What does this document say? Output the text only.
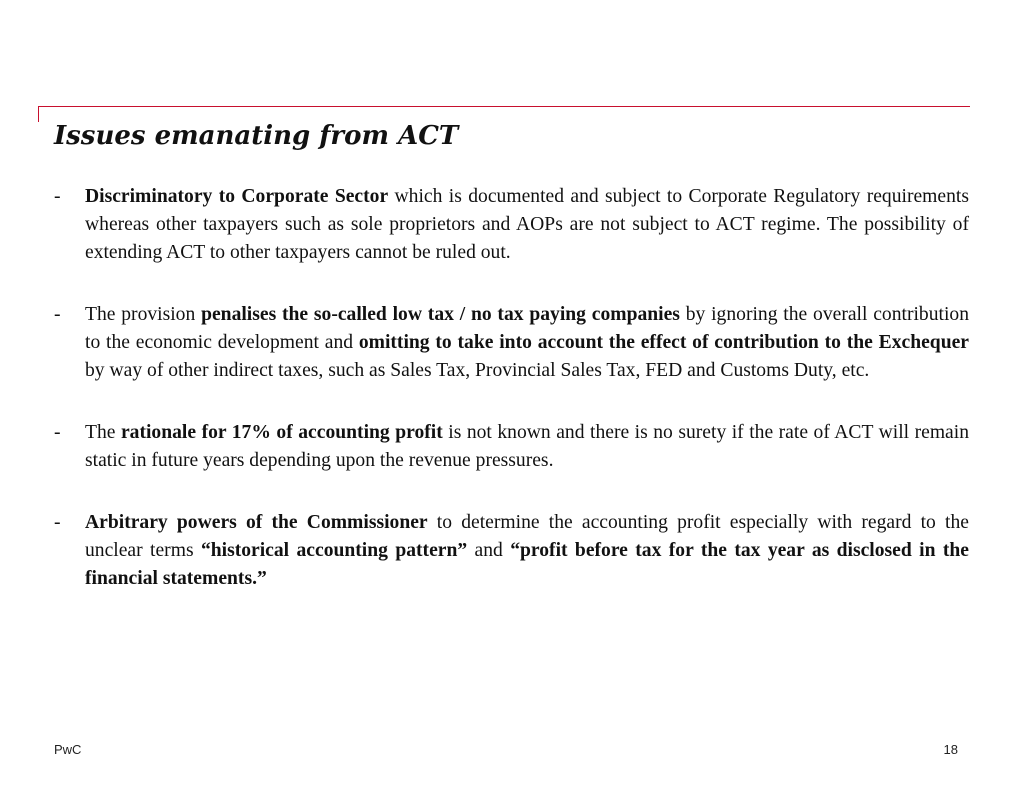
Issues emanating from ACT
- Discriminatory to Corporate Sector which is documented and subject to Corporate Regulatory requirements whereas other taxpayers such as sole proprietors and AOPs are not subject to ACT regime. The possibility of extending ACT to other taxpayers cannot be ruled out.
- The provision penalises the so-called low tax / no tax paying companies by ignoring the overall contribution to the economic development and omitting to take into account the effect of contribution to the Exchequer by way of other indirect taxes, such as Sales Tax, Provincial Sales Tax, FED and Customs Duty, etc.
- The rationale for 17% of accounting profit is not known and there is no surety if the rate of ACT will remain static in future years depending upon the revenue pressures.
- Arbitrary powers of the Commissioner to determine the accounting profit especially with regard to the unclear terms “historical accounting pattern” and “profit before tax for the tax year as disclosed in the financial statements.”
PwC	18
